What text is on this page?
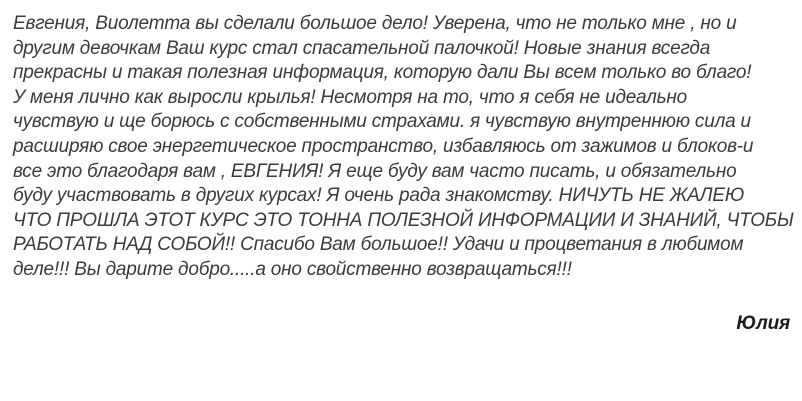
Евгения, Виолетта вы сделали большое дело! Уверена, что не только мне , но и
другим девочкам Ваш курс стал спасательной палочкой! Новые знания всегда
прекрасны и такая полезная информация, которую дали Вы всем только во благо!
У меня лично как выросли крылья! Несмотря на то, что я себя не идеально
чувствую и ще борюсь с собственными страхами. я чувствую внутреннюю сила и
расширяю свое энергетическое пространство, избавляюсь от зажимов и блоков-и
все это благодаря вам , ЕВГЕНИЯ! Я еще буду вам часто писать, и обязательно
буду участвовать в других курсах! Я очень рада знакомству. НИЧУТЬ НЕ ЖАЛЕЮ
ЧТО ПРОШЛА ЭТОТ КУРС ЭТО ТОННА ПОЛЕЗНОЙ ИНФОРМАЦИИ И ЗНАНИЙ, ЧТОБЫ
РАБОТАТЬ НАД СОБОЙ!! Спасибо Вам большое!! Удачи и процветания в любимом
деле!!! Вы дарите добро.....а оно свойственно возвращаться!!!
Юлия
